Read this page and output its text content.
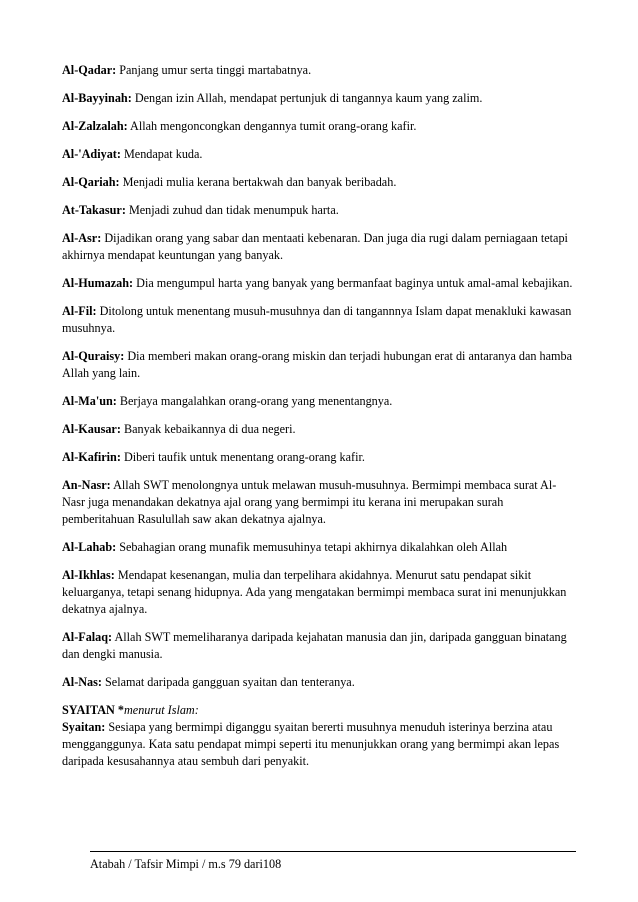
Al-Qadar: Panjang umur serta tinggi martabatnya.

Al-Bayyinah: Dengan izin Allah, mendapat pertunjuk di tangannya kaum yang zalim.

Al-Zalzalah: Allah mengoncongkan dengannya tumit orang-orang kafir.

Al-'Adiyat: Mendapat kuda.

Al-Qariah: Menjadi mulia kerana bertakwah dan banyak beribadah.

At-Takasur: Menjadi zuhud dan tidak menumpuk harta.

Al-Asr: Dijadikan orang yang sabar dan mentaati kebenaran. Dan juga dia rugi dalam perniagaan tetapi akhirnya mendapat keuntungan yang banyak.

Al-Humazah: Dia mengumpul harta yang banyak yang bermanfaat baginya untuk amal-amal kebajikan.

Al-Fil: Ditolong untuk menentang musuh-musuhnya dan di tangannnya Islam dapat menakluki kawasan musuhnya.

Al-Quraisy: Dia memberi makan orang-orang miskin dan terjadi hubungan erat di antaranya dan hamba Allah yang lain.

Al-Ma'un: Berjaya mangalahkan orang-orang yang menentangnya.

Al-Kausar: Banyak kebaikannya di dua negeri.

Al-Kafirin: Diberi taufik untuk menentang orang-orang kafir.

An-Nasr: Allah SWT menolongnya untuk melawan musuh-musuhnya. Bermimpi membaca surat Al-Nasr juga menandakan dekatnya ajal orang yang bermimpi itu kerana ini merupakan surah pemberitahuan Rasulullah saw akan dekatnya ajalnya.

Al-Lahab: Sebahagian orang munafik memusuhinya tetapi akhirnya dikalahkan oleh Allah

Al-Ikhlas: Mendapat kesenangan, mulia dan terpelihara akidahnya. Menurut satu pendapat sikit keluarganya, tetapi senang hidupnya. Ada yang mengatakan bermimpi membaca surat ini menunjukkan dekatnya ajalnya.

Al-Falaq: Allah SWT memeliharanya daripada kejahatan manusia dan jin, daripada gangguan binatang dan dengki manusia.

Al-Nas: Selamat daripada gangguan syaitan dan tenteranya.

SYAITAN *menurut Islam:

Syaitan: Sesiapa yang bermimpi diganggu syaitan bererti musuhnya menuduh isterinya berzina atau mengganggunya. Kata satu pendapat mimpi seperti itu menunjukkan orang yang bermimpi akan lepas daripada kesusahannya atau sembuh dari penyakit.

Atabah / Tafsir Mimpi / m.s 79 dari108
